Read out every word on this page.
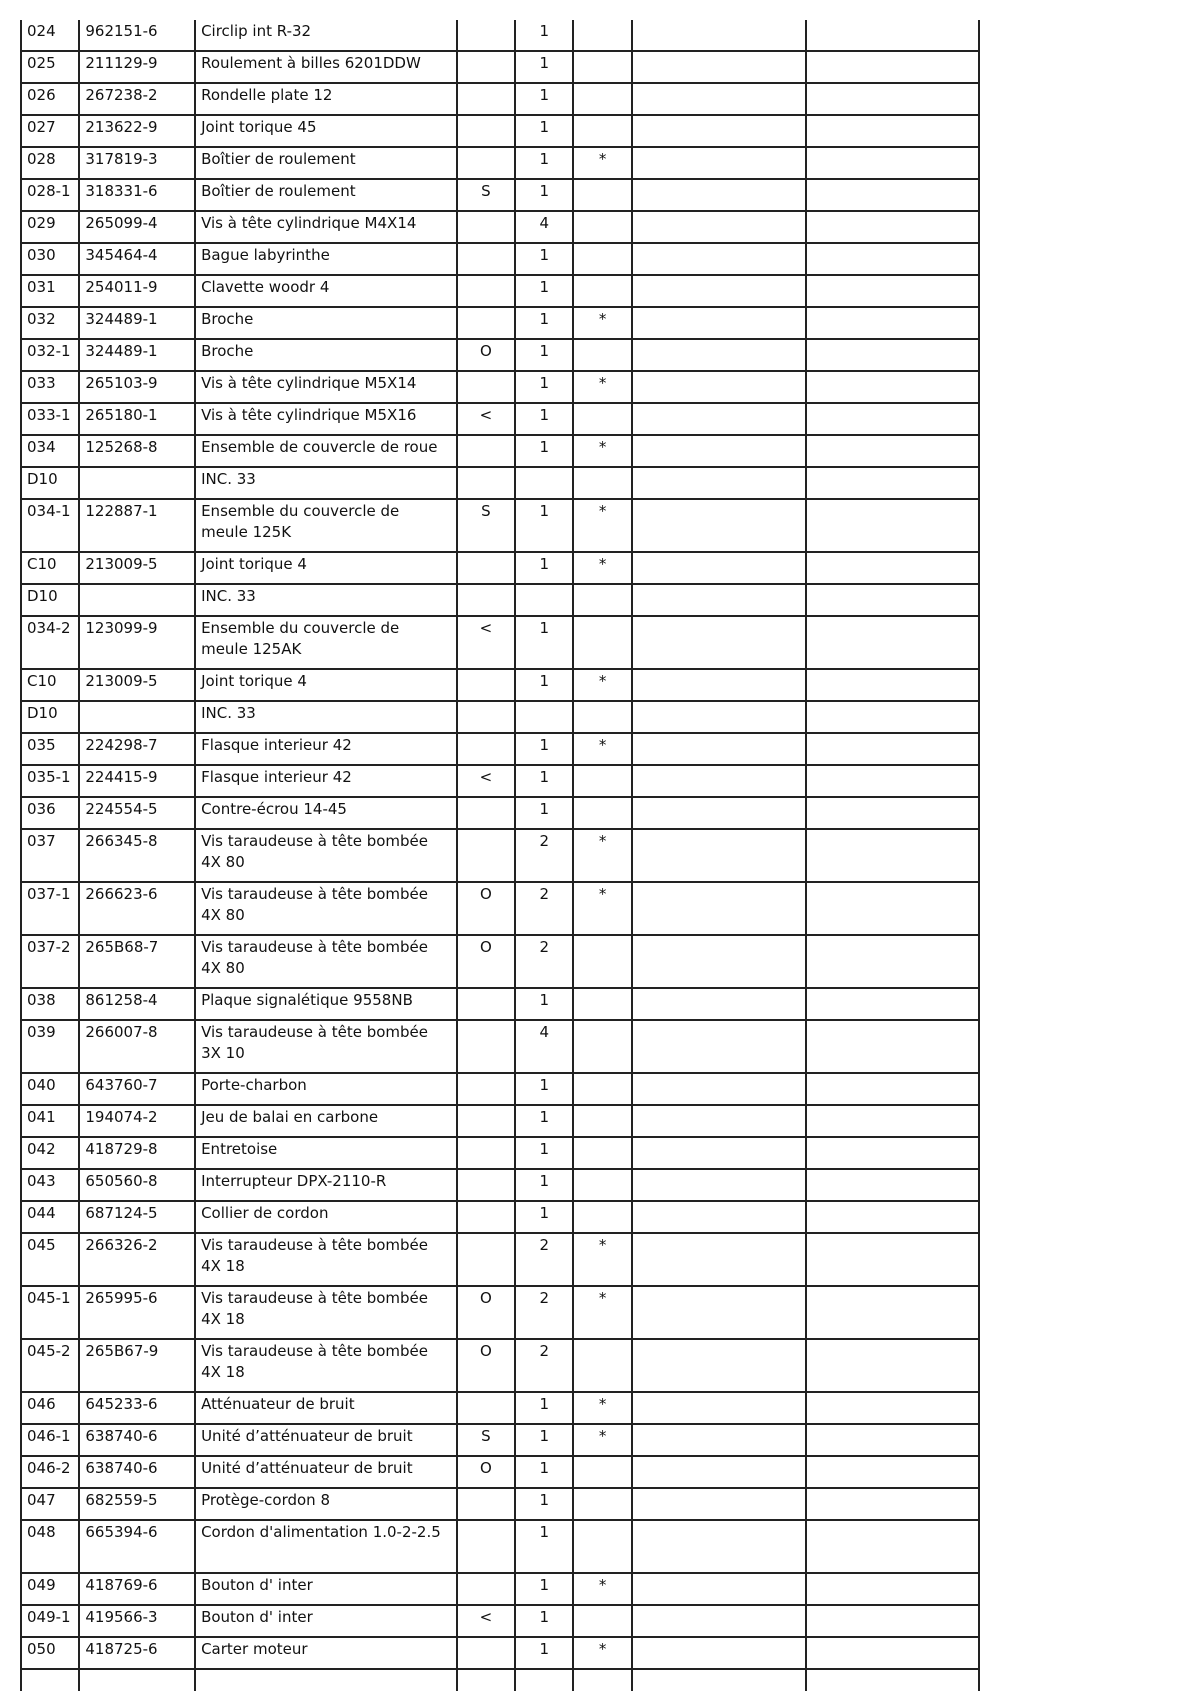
024	962151-6	Circlip int R-32		1			
025	211129-9	Roulement à billes 6201DDW		1			
026	267238-2	Rondelle plate 12		1			
027	213622-9	Joint torique 45		1			
028	317819-3	Boîtier de roulement		1	*		
028-1	318331-6	Boîtier de roulement	S	1			
029	265099-4	Vis à tête cylindrique M4X14		4			
030	345464-4	Bague labyrinthe		1			
031	254011-9	Clavette woodr 4		1			
032	324489-1	Broche		1	*		
032-1	324489-1	Broche	O	1			
033	265103-9	Vis à tête cylindrique M5X14		1	*		
033-1	265180-1	Vis à tête cylindrique M5X16	<	1			
034	125268-8	Ensemble de couvercle de roue		1	*		
D10		INC. 33					
034-1	122887-1	Ensemble du couvercle de meule 125K	S	1	*		
C10	213009-5	Joint torique 4		1	*		
D10		INC. 33					
034-2	123099-9	Ensemble du couvercle de meule 125AK	<	1			
C10	213009-5	Joint torique 4		1	*		
D10		INC. 33					
035	224298-7	Flasque interieur 42		1	*		
035-1	224415-9	Flasque interieur 42	<	1			
036	224554-5	Contre-écrou 14-45		1			
037	266345-8	Vis taraudeuse à tête bombée 4X 80		2	*		
037-1	266623-6	Vis taraudeuse à tête bombée 4X 80	O	2	*		
037-2	265B68-7	Vis taraudeuse à tête bombée 4X 80	O	2			
038	861258-4	Plaque signalétique 9558NB		1			
039	266007-8	Vis taraudeuse à tête bombée 3X 10		4			
040	643760-7	Porte-charbon		1			
041	194074-2	Jeu de balai en carbone		1			
042	418729-8	Entretoise		1			
043	650560-8	Interrupteur DPX-2110-R		1			
044	687124-5	Collier de cordon		1			
045	266326-2	Vis taraudeuse à tête bombée 4X 18		2	*		
045-1	265995-6	Vis taraudeuse à tête bombée 4X 18	O	2	*		
045-2	265B67-9	Vis taraudeuse à tête bombée 4X 18	O	2			
046	645233-6	Atténuateur de bruit		1	*		
046-1	638740-6	Unité d’atténuateur de bruit	S	1	*		
046-2	638740-6	Unité d’atténuateur de bruit	O	1			
047	682559-5	Protège-cordon 8		1			
048	665394-6	Cordon d'alimentation 1.0-2-2.5		1			
049	418769-6	Bouton d' inter		1	*		
049-1	419566-3	Bouton d' inter	<	1			
050	418725-6	Carter moteur		1	*		
